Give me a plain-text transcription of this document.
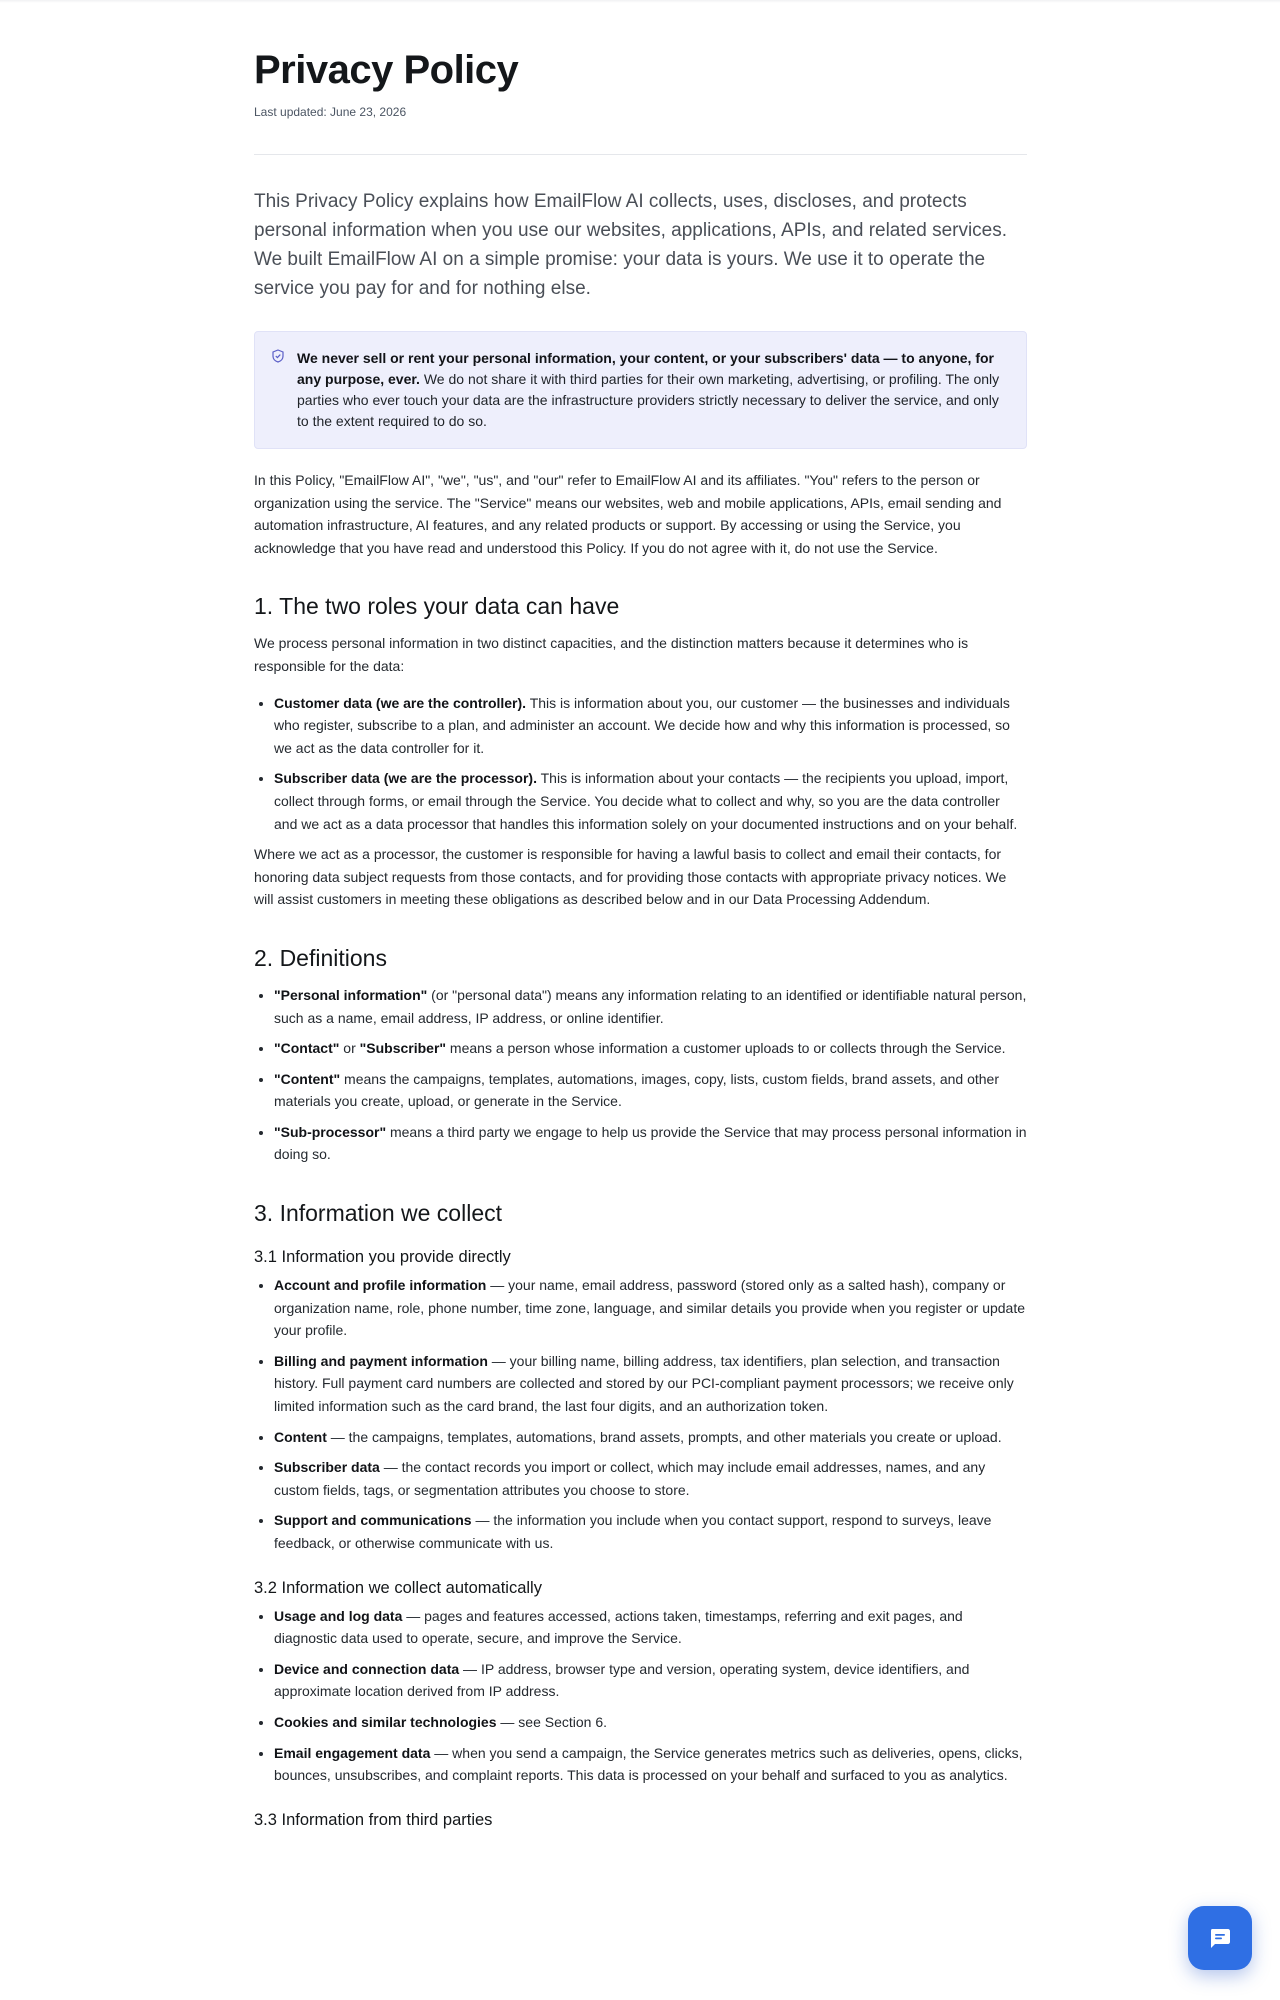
Privacy Policy
Last updated: June 23, 2026

This Privacy Policy explains how EmailFlow AI collects, uses, discloses, and protects personal information when you use our websites, applications, APIs, and related services. We built EmailFlow AI on a simple promise: your data is yours. We use it to operate the service you pay for and for nothing else.

We never sell or rent your personal information, your content, or your subscribers' data — to anyone, for any purpose, ever. We do not share it with third parties for their own marketing, advertising, or profiling. The only parties who ever touch your data are the infrastructure providers strictly necessary to deliver the service, and only to the extent required to do so.

In this Policy, "EmailFlow AI", "we", "us", and "our" refer to EmailFlow AI and its affiliates. "You" refers to the person or organization using the service. The "Service" means our websites, web and mobile applications, APIs, email sending and automation infrastructure, AI features, and any related products or support. By accessing or using the Service, you acknowledge that you have read and understood this Policy. If you do not agree with it, do not use the Service.

1. The two roles your data can have

We process personal information in two distinct capacities, and the distinction matters because it determines who is responsible for the data:

• Customer data (we are the controller). This is information about you, our customer — the businesses and individuals who register, subscribe to a plan, and administer an account. We decide how and why this information is processed, so we act as the data controller for it.
• Subscriber data (we are the processor). This is information about your contacts — the recipients you upload, import, collect through forms, or email through the Service. You decide what to collect and why, so you are the data controller and we act as a data processor that handles this information solely on your documented instructions and on your behalf.

Where we act as a processor, the customer is responsible for having a lawful basis to collect and email their contacts, for honoring data subject requests from those contacts, and for providing those contacts with appropriate privacy notices. We will assist customers in meeting these obligations as described below and in our Data Processing Addendum.

2. Definitions
• "Personal information" (or "personal data") means any information relating to an identified or identifiable natural person, such as a name, email address, IP address, or online identifier.
• "Contact" or "Subscriber" means a person whose information a customer uploads to or collects through the Service.
• "Content" means the campaigns, templates, automations, images, copy, lists, custom fields, brand assets, and other materials you create, upload, or generate in the Service.
• "Sub-processor" means a third party we engage to help us provide the Service that may process personal information in doing so.
3. Information we collect
3.1 Information you provide directly
• Account and profile information — your name, email address, password (stored only as a salted hash), company or organization name, role, phone number, time zone, language, and similar details you provide when you register or update your profile.
• Billing and payment information — your billing name, billing address, tax identifiers, plan selection, and transaction history. Full payment card numbers are collected and stored by our PCI-compliant payment processors; we receive only limited information such as the card brand, the last four digits, and an authorization token.
• Content — the campaigns, templates, automations, brand assets, prompts, and other materials you create or upload.
• Subscriber data — the contact records you import or collect, which may include email addresses, names, and any custom fields, tags, or segmentation attributes you choose to store.
• Support and communications — the information you include when you contact support, respond to surveys, leave feedback, or otherwise communicate with us.
3.2 Information we collect automatically
• Usage and log data — pages and features accessed, actions taken, timestamps, referring and exit pages, and diagnostic data used to operate, secure, and improve the Service.
• Device and connection data — IP address, browser type and version, operating system, device identifiers, and approximate location derived from IP address.
• Cookies and similar technologies — see Section 6.
• Email engagement data — when you send a campaign, the Service generates metrics such as deliveries, opens, clicks, bounces, unsubscribes, and complaint reports. This data is processed on your behalf and surfaced to you as analytics.
3.3 Information from third parties
